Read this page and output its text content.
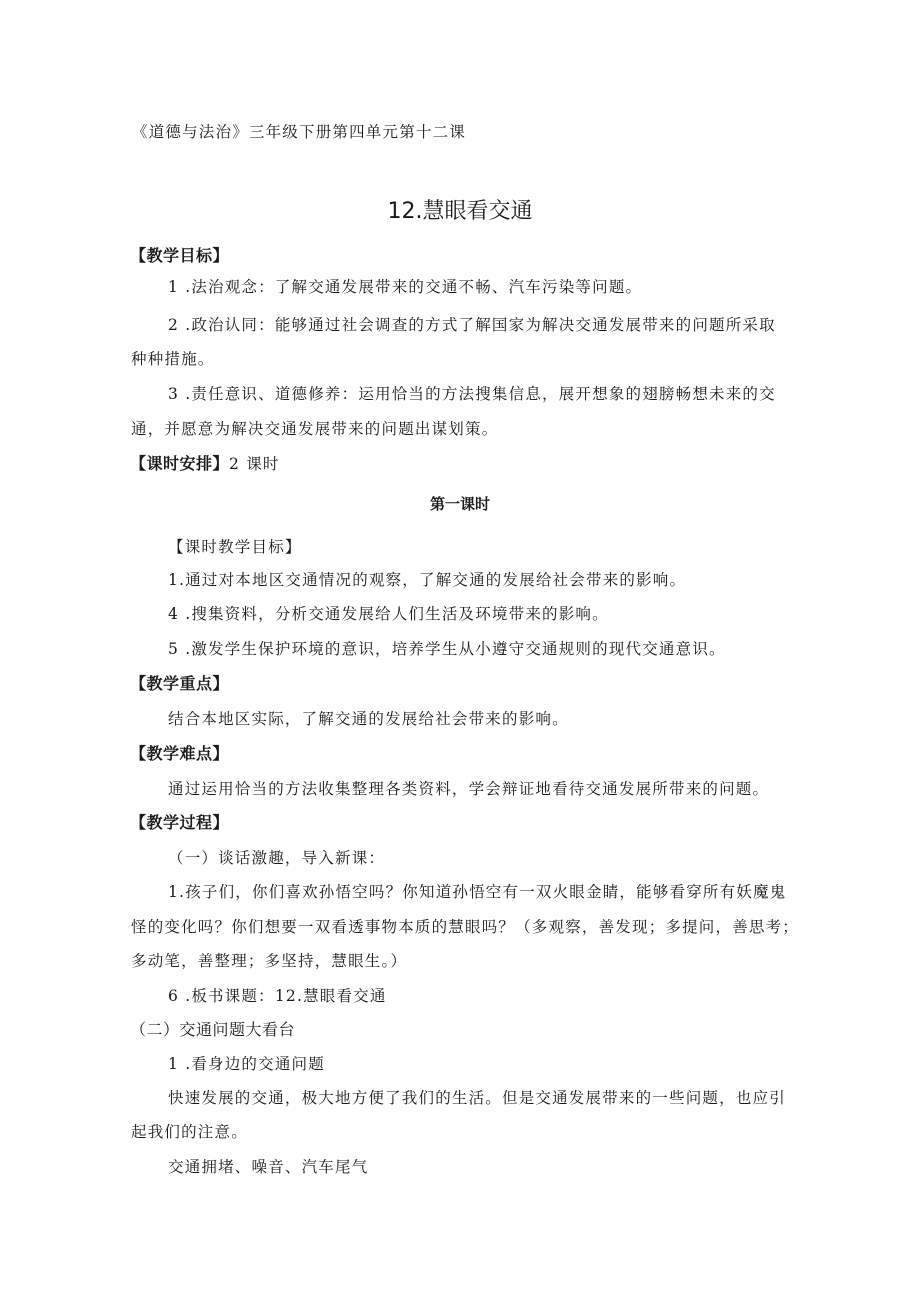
《道德与法治》三年级下册第四单元第十二课
12.慧眼看交通
【教学目标】
1 .法治观念：了解交通发展带来的交通不畅、汽车污染等问题。
2 .政治认同：能够通过社会调查的方式了解国家为解决交通发展带来的问题所采取
种种措施。
3 .责任意识、道德修养：运用恰当的方法搜集信息，展开想象的翅膀畅想未来的交
通，并愿意为解决交通发展带来的问题出谋划策。
【课时安排】2 课时
第一课时
【课时教学目标】
1.通过对本地区交通情况的观察，了解交通的发展给社会带来的影响。
4 .搜集资料，分析交通发展给人们生活及环境带来的影响。
5 .激发学生保护环境的意识，培养学生从小遵守交通规则的现代交通意识。
【教学重点】
结合本地区实际，了解交通的发展给社会带来的影响。
【教学难点】
通过运用恰当的方法收集整理各类资料，学会辩证地看待交通发展所带来的问题。
【教学过程】
（一）谈话激趣，导入新课：
1.孩子们，你们喜欢孙悟空吗？你知道孙悟空有一双火眼金睛，能够看穿所有妖魔鬼
怪的变化吗？你们想要一双看透事物本质的慧眼吗？（多观察，善发现；多提问，善思考；
多动笔，善整理；多坚持，慧眼生。）
6 .板书课题：12.慧眼看交通
（二）交通问题大看台
1 .看身边的交通问题
快速发展的交通，极大地方便了我们的生活。但是交通发展带来的一些问题，也应引
起我们的注意。
交通拥堵、噪音、汽车尾气
